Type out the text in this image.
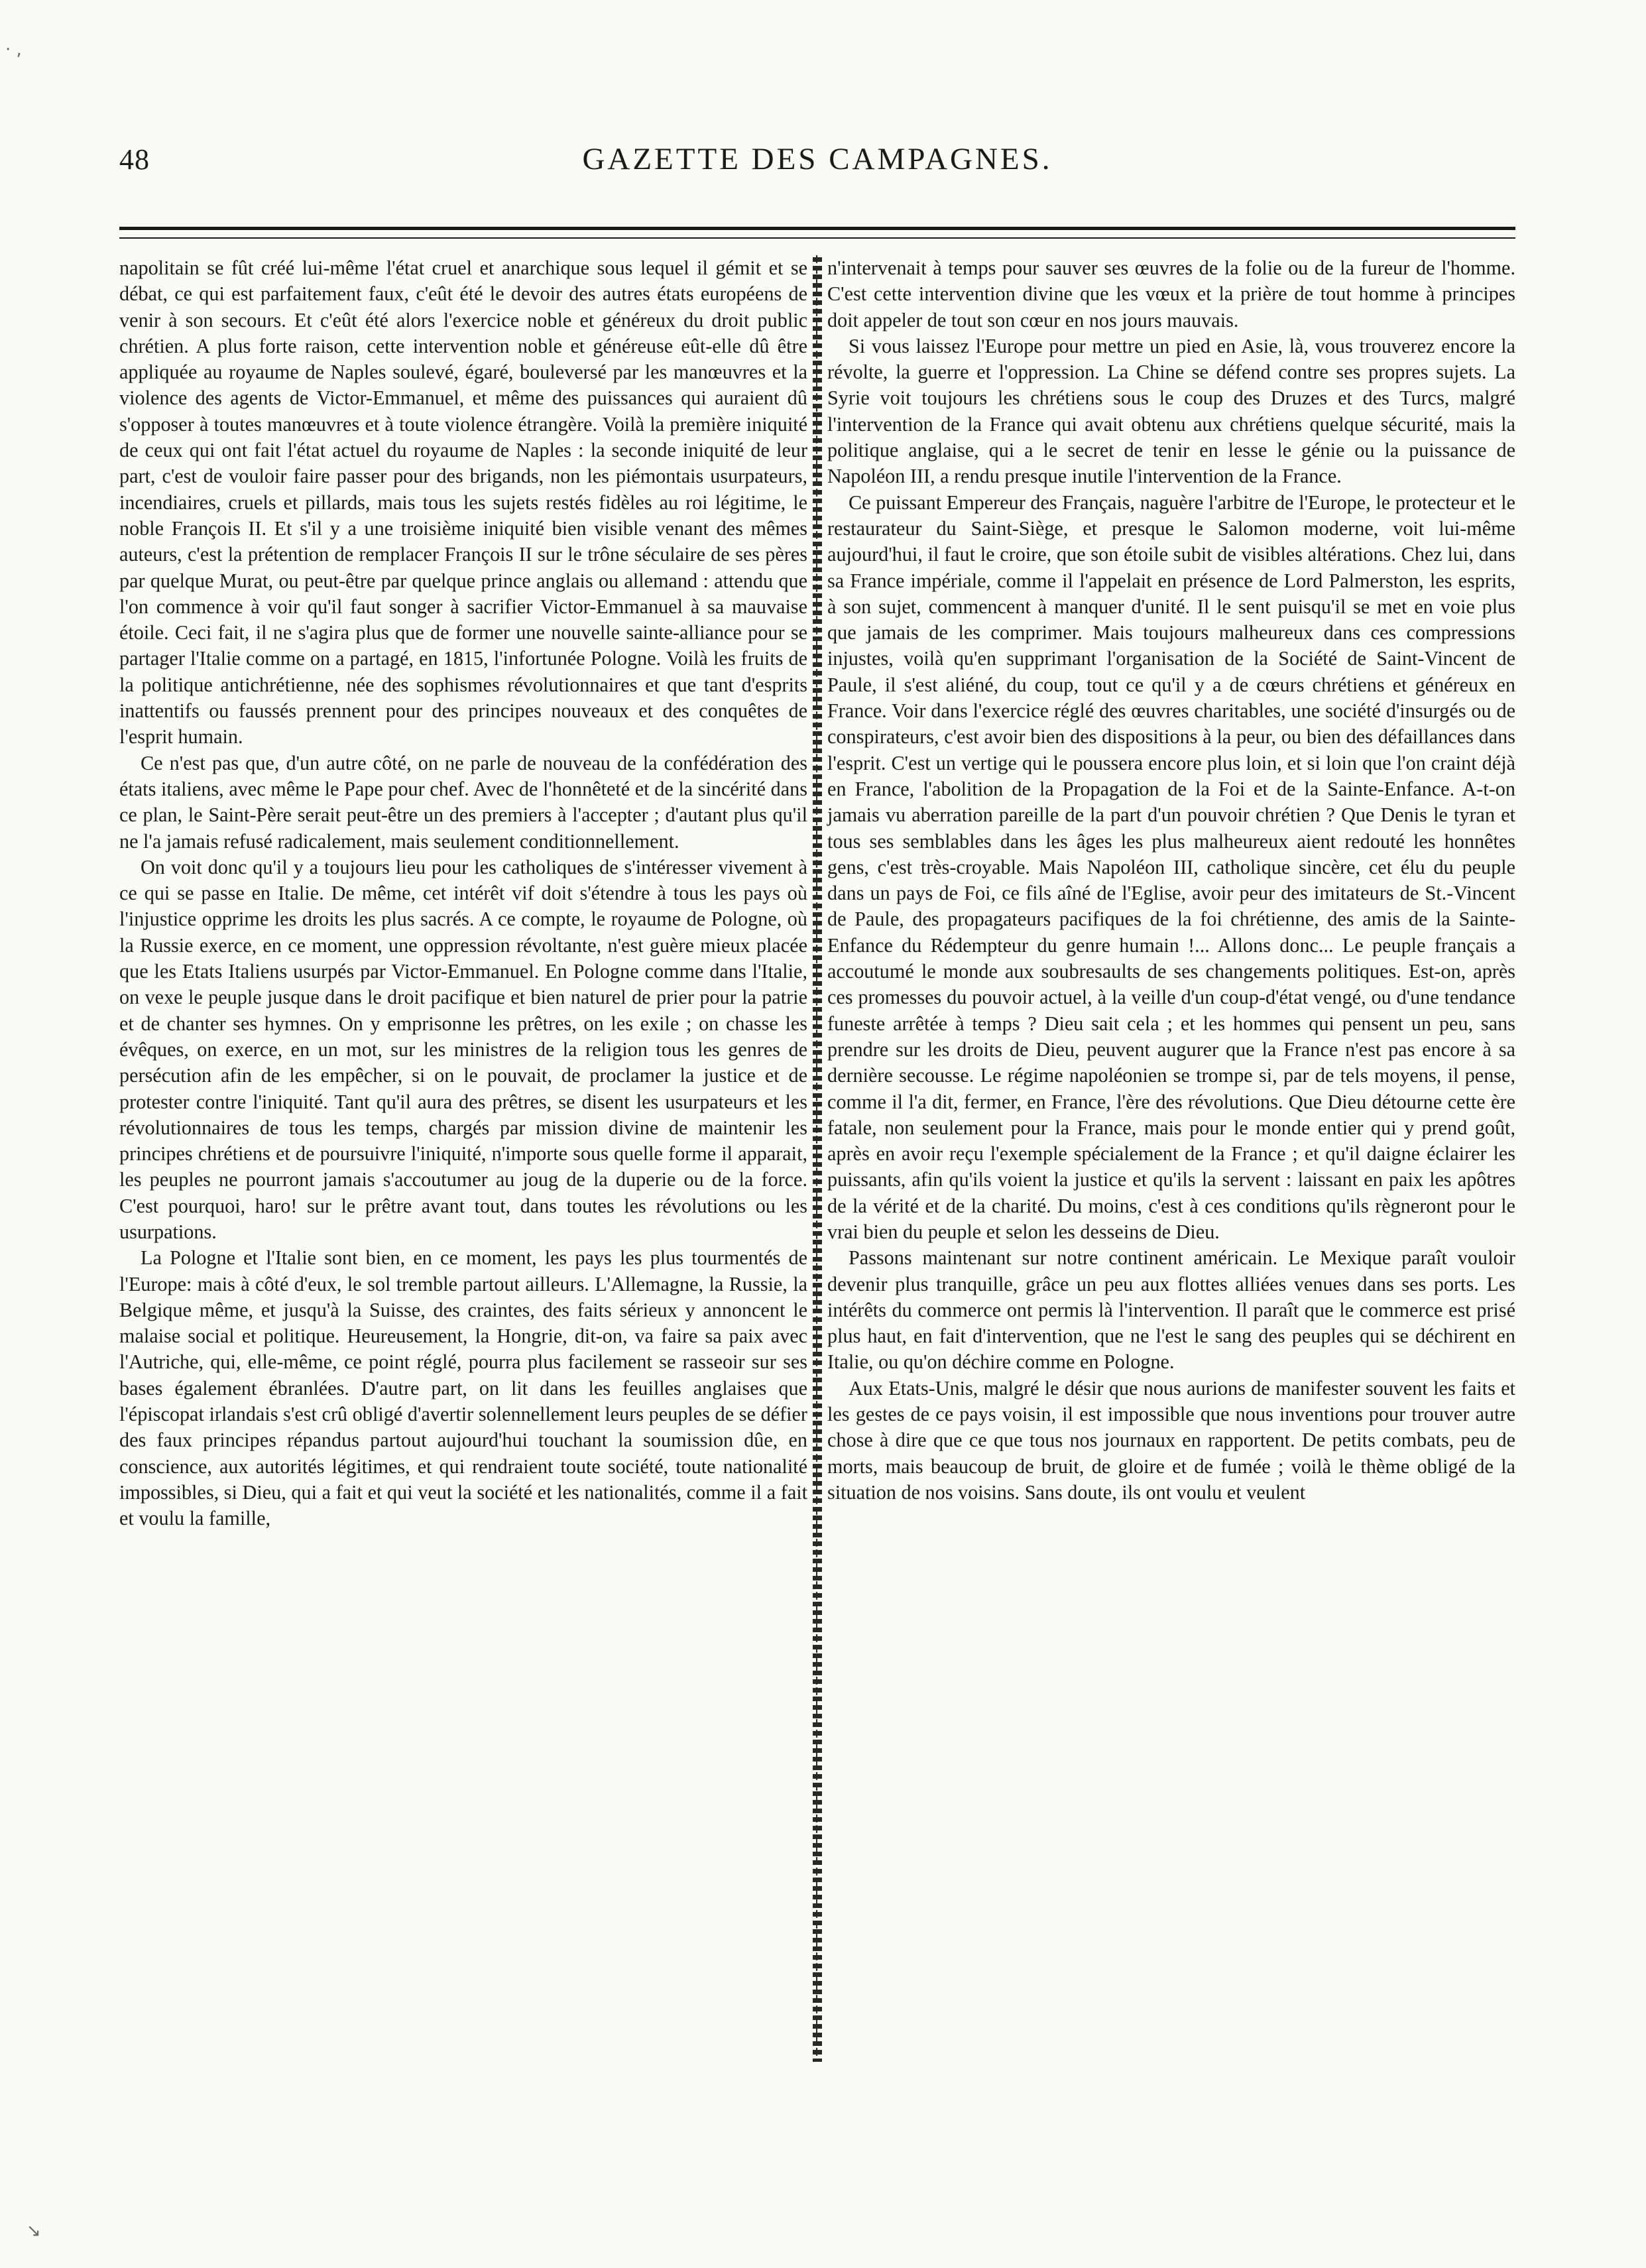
48	GAZETTE DES CAMPAGNES.

napolitain se fût créé lui-même l'état cruel et anarchique sous lequel il gémit et se débat, ce qui est parfaitement faux, c'eût été le devoir des autres états européens de venir à son secours. Et c'eût été alors l'exercice noble et généreux du droit public chrétien. A plus forte raison, cette intervention noble et généreuse eût-elle dû être appliquée au royaume de Naples soulevé, égaré, bouleversé par les manœuvres et la violence des agents de Victor-Emmanuel, et même des puissances qui auraient dû s'opposer à toutes manœuvres et à toute violence étrangère. Voilà la première iniquité de ceux qui ont fait l'état actuel du royaume de Naples : la seconde iniquité de leur part, c'est de vouloir faire passer pour des brigands, non les piémontais usurpateurs, incendiaires, cruels et pillards, mais tous les sujets restés fidèles au roi légitime, le noble François II. Et s'il y a une troisième iniquité bien visible venant des mêmes auteurs, c'est la prétention de remplacer François II sur le trône séculaire de ses pères par quelque Murat, ou peut-être par quelque prince anglais ou allemand : attendu que l'on commence à voir qu'il faut songer à sacrifier Victor-Emmanuel à sa mauvaise étoile. Ceci fait, il ne s'agira plus que de former une nouvelle sainte-alliance pour se partager l'Italie comme on a partagé, en 1815, l'infortunée Pologne. Voilà les fruits de la politique antichrétienne, née des sophismes révolutionnaires et que tant d'esprits inattentifs ou faussés prennent pour des principes nouveaux et des conquêtes de l'esprit humain.

Ce n'est pas que, d'un autre côté, on ne parle de nouveau de la confédération des états italiens, avec même le Pape pour chef. Avec de l'honnêteté et de la sincérité dans ce plan, le Saint-Père serait peut-être un des premiers à l'accepter ; d'autant plus qu'il ne l'a jamais refusé radicalement, mais seulement conditionnellement.

On voit donc qu'il y a toujours lieu pour les catholiques de s'intéresser vivement à ce qui se passe en Italie. De même, cet intérêt vif doit s'étendre à tous les pays où l'injustice opprime les droits les plus sacrés. A ce compte, le royaume de Pologne, où la Russie exerce, en ce moment, une oppression révoltante, n'est guère mieux placée que les Etats Italiens usurpés par Victor-Emmanuel. En Pologne comme dans l'Italie, on vexe le peuple jusque dans le droit pacifique et bien naturel de prier pour la patrie et de chanter ses hymnes. On y emprisonne les prêtres, on les exile ; on chasse les évêques, on exerce, en un mot, sur les ministres de la religion tous les genres de persécution afin de les empêcher, si on le pouvait, de proclamer la justice et de protester contre l'iniquité. Tant qu'il aura des prêtres, se disent les usurpateurs et les révolutionnaires de tous les temps, chargés par mission divine de maintenir les principes chrétiens et de poursuivre l'iniquité, n'importe sous quelle forme il apparait, les peuples ne pourront jamais s'accoutumer au joug de la duperie ou de la force. C'est pourquoi, haro! sur le prêtre avant tout, dans toutes les révolutions ou les usurpations.

La Pologne et l'Italie sont bien, en ce moment, les pays les plus tourmentés de l'Europe: mais à côté d'eux, le sol tremble partout ailleurs. L'Allemagne, la Russie, la Belgique même, et jusqu'à la Suisse, des craintes, des faits sérieux y annoncent le malaise social et politique. Heureusement, la Hongrie, dit-on, va faire sa paix avec l'Autriche, qui, elle-même, ce point réglé, pourra plus facilement se rasseoir sur ses bases également ébranlées. D'autre part, on lit dans les feuilles anglaises que l'épiscopat irlandais s'est crû obligé d'avertir solennellement leurs peuples de se défier des faux principes répandus partout aujourd'hui touchant la soumission dûe, en conscience, aux autorités légitimes, et qui rendraient toute société, toute nationalité impossibles, si Dieu, qui a fait et qui veut la société et les nationalités, comme il a fait et voulu la famille,

n'intervenait à temps pour sauver ses œuvres de la folie ou de la fureur de l'homme. C'est cette intervention divine que les vœux et la prière de tout homme à principes doit appeler de tout son cœur en nos jours mauvais.

Si vous laissez l'Europe pour mettre un pied en Asie, là, vous trouverez encore la révolte, la guerre et l'oppression. La Chine se défend contre ses propres sujets. La Syrie voit toujours les chrétiens sous le coup des Druzes et des Turcs, malgré l'intervention de la France qui avait obtenu aux chrétiens quelque sécurité, mais la politique anglaise, qui a le secret de tenir en lesse le génie ou la puissance de Napoléon III, a rendu presque inutile l'intervention de la France.

Ce puissant Empereur des Français, naguère l'arbitre de l'Europe, le protecteur et le restaurateur du Saint-Siège, et presque le Salomon moderne, voit lui-même aujourd'hui, il faut le croire, que son étoile subit de visibles altérations. Chez lui, dans sa France impériale, comme il l'appelait en présence de Lord Palmerston, les esprits, à son sujet, commencent à manquer d'unité. Il le sent puisqu'il se met en voie plus que jamais de les comprimer. Mais toujours malheureux dans ces compressions injustes, voilà qu'en supprimant l'organisation de la Société de Saint-Vincent de Paule, il s'est aliéné, du coup, tout ce qu'il y a de cœurs chrétiens et généreux en France. Voir dans l'exercice réglé des œuvres charitables, une société d'insurgés ou de conspirateurs, c'est avoir bien des dispositions à la peur, ou bien des défaillances dans l'esprit. C'est un vertige qui le poussera encore plus loin, et si loin que l'on craint déjà en France, l'abolition de la Propagation de la Foi et de la Sainte-Enfance. A-t-on jamais vu aberration pareille de la part d'un pouvoir chrétien ? Que Denis le tyran et tous ses semblables dans les âges les plus malheureux aient redouté les honnêtes gens, c'est très-croyable. Mais Napoléon III, catholique sincère, cet élu du peuple dans un pays de Foi, ce fils aîné de l'Eglise, avoir peur des imitateurs de St.-Vincent de Paule, des propagateurs pacifiques de la foi chrétienne, des amis de la Sainte-Enfance du Rédempteur du genre humain !... Allons donc... Le peuple français a accoutumé le monde aux soubresaults de ses changements politiques. Est-on, après ces promesses du pouvoir actuel, à la veille d'un coup-d'état vengé, ou d'une tendance funeste arrêtée à temps ? Dieu sait cela ; et les hommes qui pensent un peu, sans prendre sur les droits de Dieu, peuvent augurer que la France n'est pas encore à sa dernière secousse. Le régime napoléonien se trompe si, par de tels moyens, il pense, comme il l'a dit, fermer, en France, l'ère des révolutions. Que Dieu détourne cette ère fatale, non seulement pour la France, mais pour le monde entier qui y prend goût, après en avoir reçu l'exemple spécialement de la France ; et qu'il daigne éclairer les puissants, afin qu'ils voient la justice et qu'ils la servent : laissant en paix les apôtres de la vérité et de la charité. Du moins, c'est à ces conditions qu'ils règneront pour le vrai bien du peuple et selon les desseins de Dieu.

Passons maintenant sur notre continent américain. Le Mexique paraît vouloir devenir plus tranquille, grâce un peu aux flottes alliées venues dans ses ports. Les intérêts du commerce ont permis là l'intervention. Il paraît que le commerce est prisé plus haut, en fait d'intervention, que ne l'est le sang des peuples qui se déchirent en Italie, ou qu'on déchire comme en Pologne.

Aux Etats-Unis, malgré le désir que nous aurions de manifester souvent les faits et les gestes de ce pays voisin, il est impossible que nous inventions pour trouver autre chose à dire que ce que tous nos journaux en rapportent. De petits combats, peu de morts, mais beaucoup de bruit, de gloire et de fumée ; voilà le thème obligé de la situation de nos voisins. Sans doute, ils ont voulu et veulent

· ,
↘
